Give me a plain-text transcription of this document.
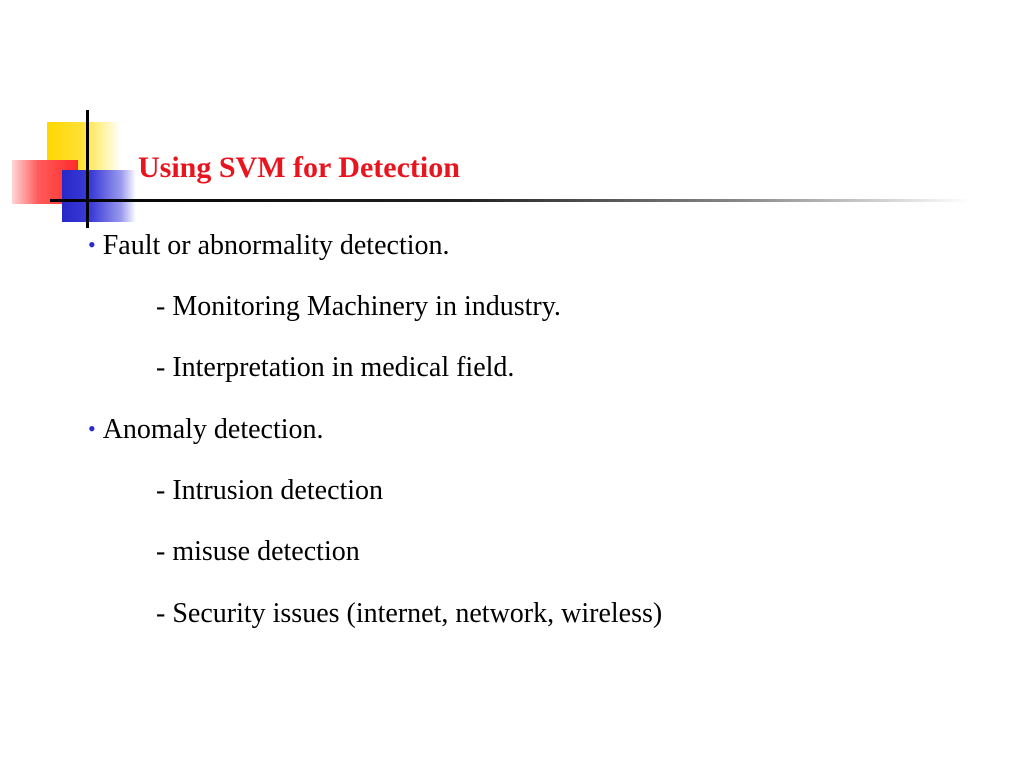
Using SVM for Detection
• Fault or abnormality detection.
- Monitoring Machinery in industry.
- Interpretation in medical field.
• Anomaly detection.
- Intrusion detection
- misuse detection
- Security issues (internet, network, wireless)
